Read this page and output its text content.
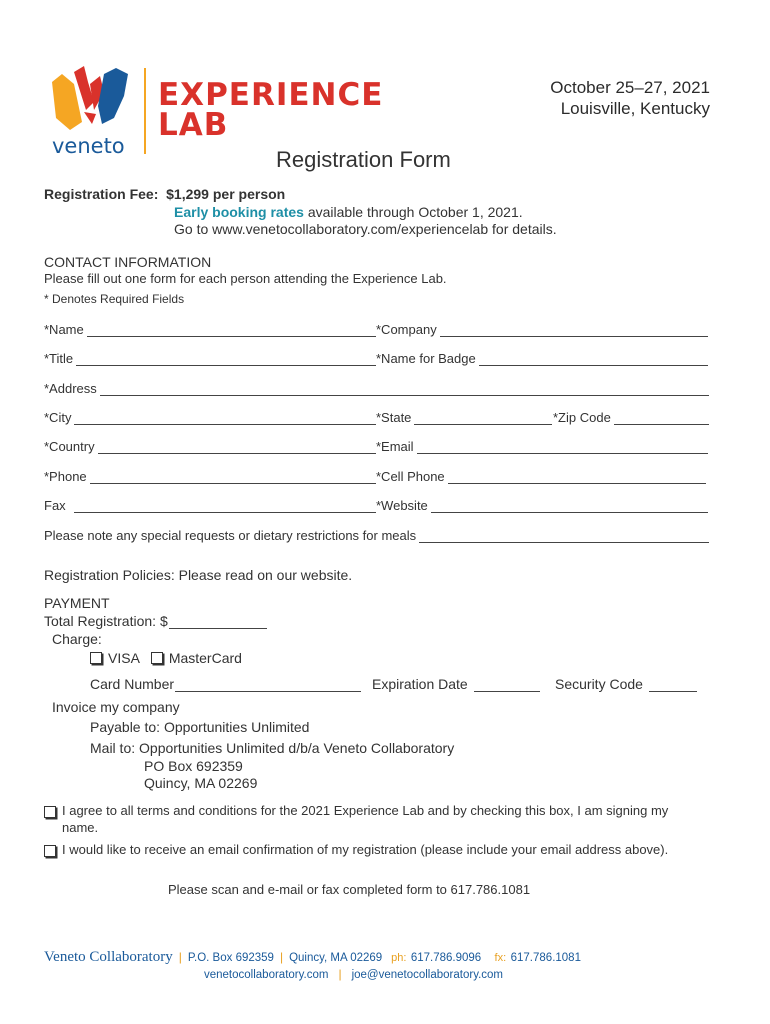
veneto
EXPERIENCE
LAB
October 25–27, 2021
Louisville, Kentucky
Registration Form
Registration Fee: $1,299 per person
Early booking rates available through October 1, 2021.
Go to www.venetocollaboratory.com/experiencelab for details.
CONTACT INFORMATION
Please fill out one form for each person attending the Experience Lab.
* Denotes Required Fields
*Name	*Company
*Title	*Name for Badge
*Address
*City	*State	*Zip Code
*Country	*Email
*Phone	*Cell Phone
Fax	*Website
Please note any special requests or dietary restrictions for meals
Registration Policies: Please read on our website.
PAYMENT
Total Registration: $
Charge:
VISA MasterCard
Card Number	Expiration Date	Security Code
Invoice my company
Payable to: Opportunities Unlimited
Mail to: Opportunities Unlimited d/b/a Veneto Collaboratory
PO Box 692359
Quincy, MA 02269
I agree to all terms and conditions for the 2021 Experience Lab and by checking this box, I am signing my name.
I would like to receive an email confirmation of my registration (please include your email address above).
Please scan and e-mail or fax completed form to 617.786.1081
Veneto Collaboratory | P.O. Box 692359 | Quincy, MA 02269 ph: 617.786.9096 fx: 617.786.1081
venetocollaboratory.com | joe@venetocollaboratory.com
